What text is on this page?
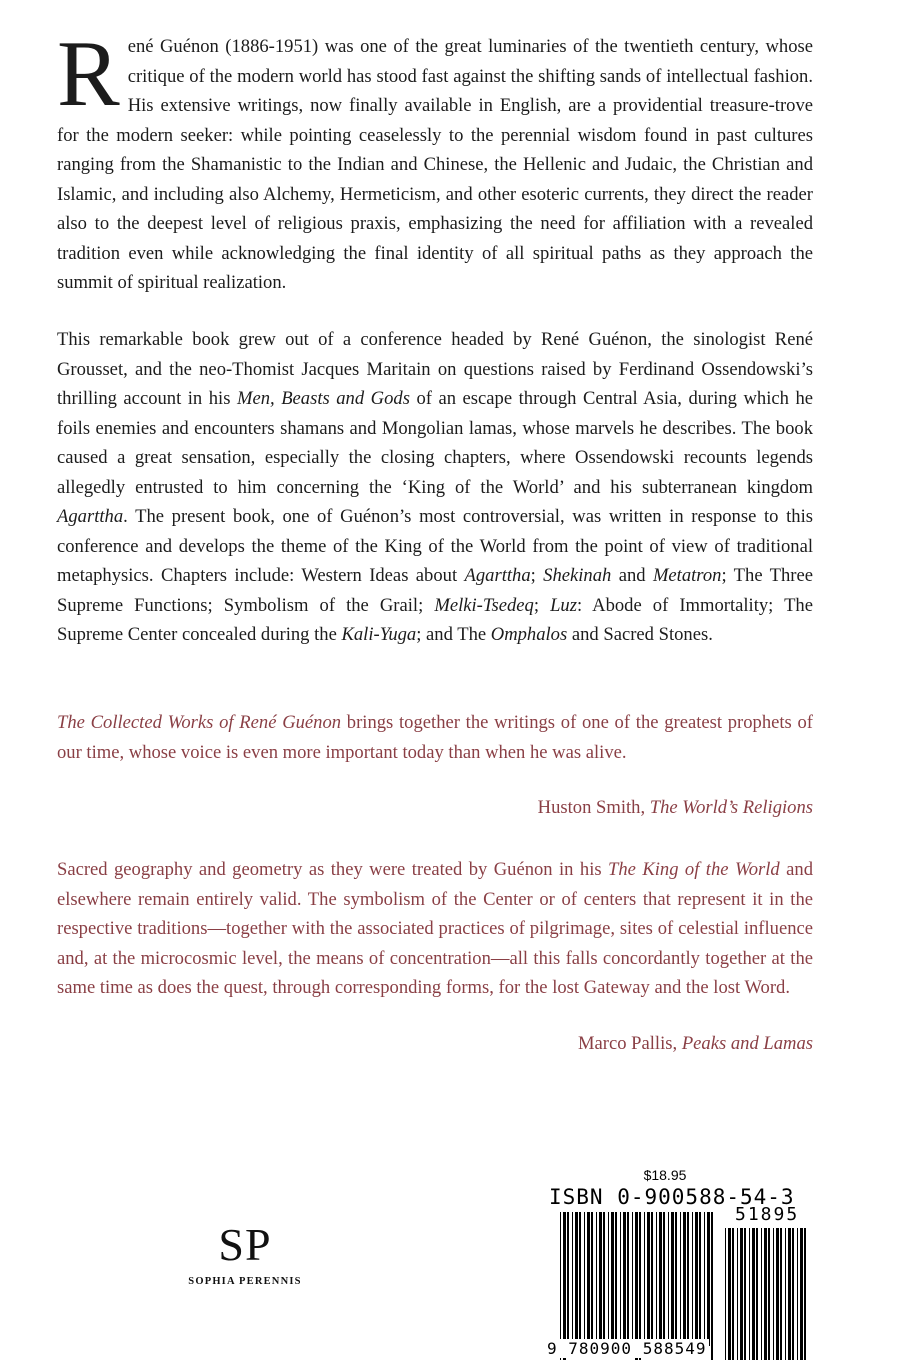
René Guénon (1886-1951) was one of the great luminaries of the twentieth century, whose critique of the modern world has stood fast against the shifting sands of intellectual fashion. His extensive writings, now finally available in English, are a providential treasure-trove for the modern seeker: while pointing ceaselessly to the perennial wisdom found in past cultures ranging from the Shamanistic to the Indian and Chinese, the Hellenic and Judaic, the Christian and Islamic, and including also Alchemy, Hermeticism, and other esoteric currents, they direct the reader also to the deepest level of religious praxis, emphasizing the need for affiliation with a revealed tradition even while acknowledging the final identity of all spiritual paths as they approach the summit of spiritual realization.

This remarkable book grew out of a conference headed by René Guénon, the sinologist René Grousset, and the neo-Thomist Jacques Maritain on questions raised by Ferdinand Ossendowski’s thrilling account in his Men, Beasts and Gods of an escape through Central Asia, during which he foils enemies and encounters shamans and Mongolian lamas, whose marvels he describes. The book caused a great sensation, especially the closing chapters, where Ossendowski recounts legends allegedly entrusted to him concerning the ‘King of the World’ and his subterranean kingdom Agarttha. The present book, one of Guénon’s most controversial, was written in response to this conference and develops the theme of the King of the World from the point of view of traditional metaphysics. Chapters include: Western Ideas about Agarttha; Shekinah and Metatron; The Three Supreme Functions; Symbolism of the Grail; Melki-Tsedeq; Luz: Abode of Immortality; The Supreme Center concealed during the Kali-Yuga; and The Omphalos and Sacred Stones.

The Collected Works of René Guénon brings together the writings of one of the greatest prophets of our time, whose voice is even more important today than when he was alive.

Huston Smith, The World’s Religions

Sacred geography and geometry as they were treated by Guénon in his The King of the World and elsewhere remain entirely valid. The symbolism of the Center or of centers that represent it in the respective traditions—together with the associated practices of pilgrimage, sites of celestial influence and, at the microcosmic level, the means of concentration—all this falls concordantly together at the same time as does the quest, through corresponding forms, for the lost Gateway and the lost Word.

Marco Pallis, Peaks and Lamas
SP
SOPHIA PERENNIS
$18.95
ISBN 0-900588-54-3
51895
9 780900 588549
